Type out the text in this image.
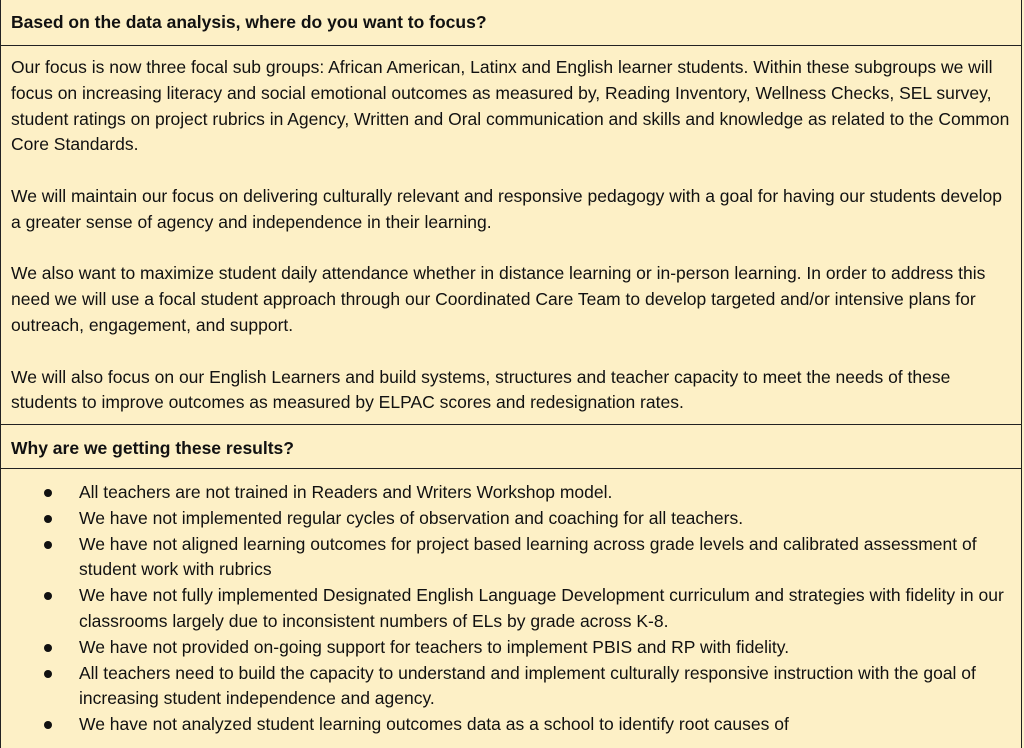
Based on the data analysis, where do you want to focus?

Our focus is now three focal sub groups: African American, Latinx and English learner students. Within these subgroups we will focus on increasing literacy and social emotional outcomes as measured by, Reading Inventory, Wellness Checks, SEL survey, student ratings on project rubrics in Agency, Written and Oral communication and skills and knowledge as related to the Common Core Standards.

We will maintain our focus on delivering culturally relevant and responsive pedagogy with a goal for having our students develop a greater sense of agency and independence in their learning.

We also want to maximize student daily attendance whether in distance learning or in-person learning. In order to address this need we will use a focal student approach through our Coordinated Care Team to develop targeted and/or intensive plans for outreach, engagement, and support.

We will also focus on our English Learners and build systems, structures and teacher capacity to meet the needs of these students to improve outcomes as measured by ELPAC scores and redesignation rates.

Why are we getting these results?
All teachers are not trained in Readers and Writers Workshop model.
We have not implemented regular cycles of observation and coaching for all teachers.
We have not aligned learning outcomes for project based learning across grade levels and calibrated assessment of student work with rubrics
We have not fully implemented Designated English Language Development curriculum and strategies with fidelity in our classrooms largely due to inconsistent numbers of ELs by grade across K-8.
We have not provided on-going support for teachers to implement PBIS and RP with fidelity.
All teachers need to build the capacity to understand and implement culturally responsive instruction with the goal of increasing student independence and agency.
We have not analyzed student learning outcomes data as a school to identify root causes of
